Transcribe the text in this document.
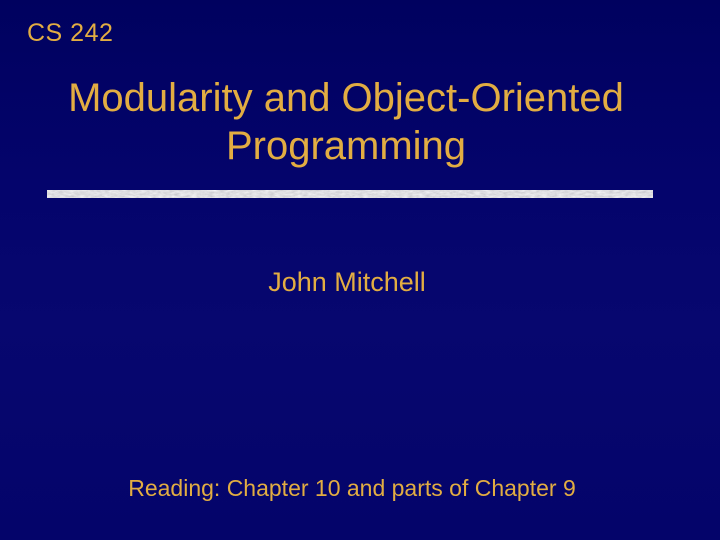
CS 242
Modularity and Object-Oriented Programming
John Mitchell
Reading: Chapter 10 and parts of Chapter 9
